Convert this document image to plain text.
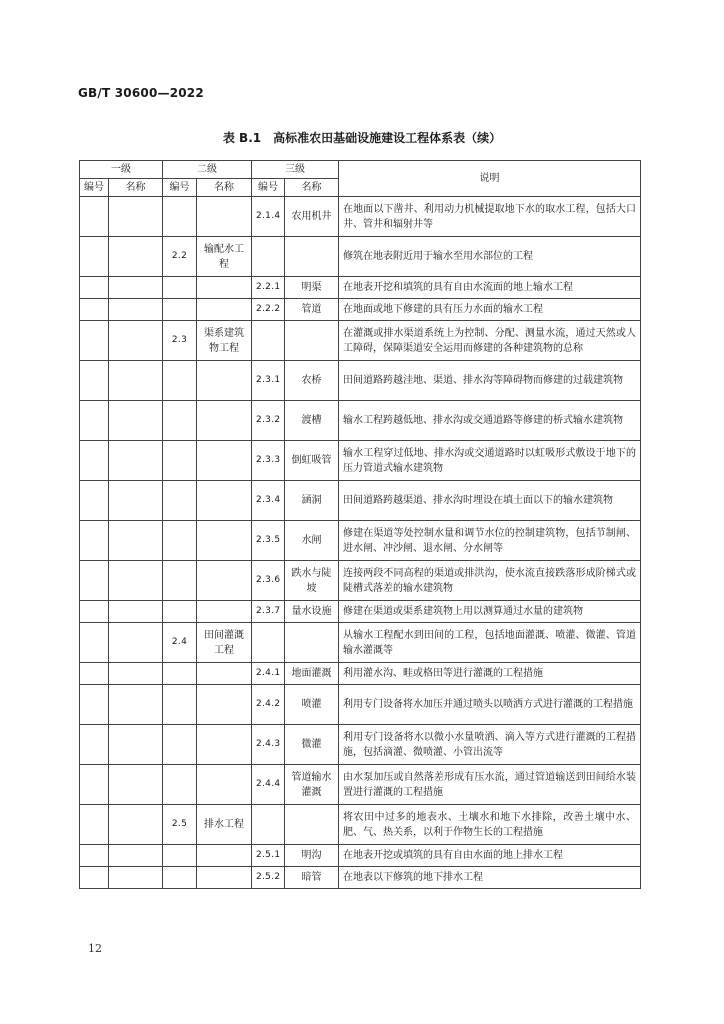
GB/T 30600—2022
表 B.1　高标准农田基础设施建设工程体系表（续）
一级		二级		三级		说明
编号	名称	编号	名称	编号	名称	
				2.1.4	农用机井	在地面以下凿井、利用动力机械提取地下水的取水工程，包括大口井、管井和辐射井等
		2.2	输配水工程			修筑在地表附近用于输水至用水部位的工程
				2.2.1	明渠	在地表开挖和填筑的具有自由水流面的地上输水工程
				2.2.2	管道	在地面或地下修建的具有压力水面的输水工程
		2.3	渠系建筑物工程			在灌溉或排水渠道系统上为控制、分配、测量水流，通过天然或人工障碍，保障渠道安全运用而修建的各种建筑物的总称
				2.3.1	农桥	田间道路跨越洼地、渠道、排水沟等障碍物而修建的过载建筑物
				2.3.2	渡槽	输水工程跨越低地、排水沟或交通道路等修建的桥式输水建筑物
				2.3.3	倒虹吸管	输水工程穿过低地、排水沟或交通道路时以虹吸形式敷设于地下的压力管道式输水建筑物
				2.3.4	涵洞	田间道路跨越渠道、排水沟时埋设在填土面以下的输水建筑物
				2.3.5	水闸	修建在渠道等处控制水量和调节水位的控制建筑物，包括节制闸、进水闸、冲沙闸、退水闸、分水闸等
				2.3.6	跌水与陡坡	连接两段不同高程的渠道或排洪沟，使水流直接跌落形成阶梯式或陡槽式落差的输水建筑物
				2.3.7	量水设施	修建在渠道或渠系建筑物上用以测算通过水量的建筑物
		2.4	田间灌溉工程			从输水工程配水到田间的工程，包括地面灌溉、喷灌、微灌、管道输水灌溉等
				2.4.1	地面灌溉	利用灌水沟、畦或格田等进行灌溉的工程措施
				2.4.2	喷灌	利用专门设备将水加压并通过喷头以喷洒方式进行灌溉的工程措施
				2.4.3	微灌	利用专门设备将水以微小水量喷洒、滴入等方式进行灌溉的工程措施，包括滴灌、微喷灌、小管出流等
				2.4.4	管道输水灌溉	由水泵加压或自然落差形成有压水流，通过管道输送到田间给水装置进行灌溉的工程措施
		2.5	排水工程			将农田中过多的地表水、土壤水和地下水排除，改善土壤中水、肥、气、热关系，以利于作物生长的工程措施
				2.5.1	明沟	在地表开挖或填筑的具有自由水面的地上排水工程
				2.5.2	暗管	在地表以下修筑的地下排水工程
12
